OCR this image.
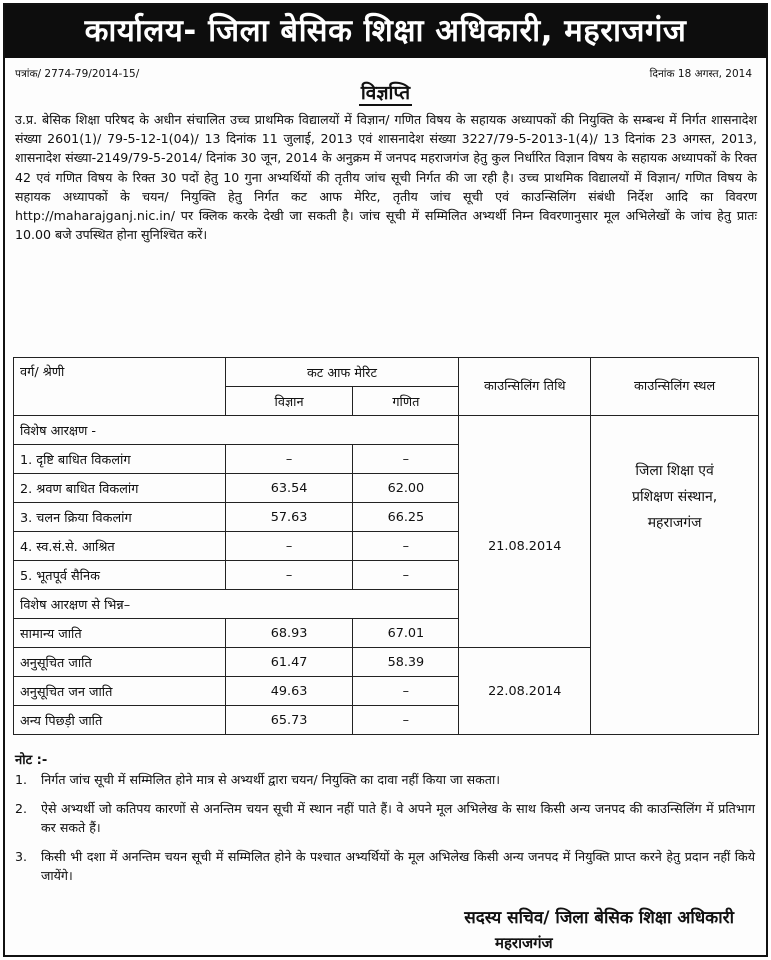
कार्यालय- जिला बेसिक शिक्षा अधिकारी, महराजगंज
पत्रांक/ 2774-79/2014-15/	दिनांक 18 अगस्त, 2014
विज्ञप्ति
उ.प्र. बेसिक शिक्षा परिषद के अधीन संचालित उच्च प्राथमिक विद्यालयों में विज्ञान/ गणित विषय के सहायक अध्यापकों की नियुक्ति के सम्बन्ध में निर्गत शासनादेश संख्या 2601(1)/ 79-5-12-1(04)/ 13 दिनांक 11 जुलाई, 2013 एवं शासनादेश संख्या 3227/79-5-2013-1(4)/ 13 दिनांक 23 अगस्त, 2013, शासनादेश संख्या-2149/79-5-2014/ दिनांक 30 जून, 2014 के अनुक्रम में जनपद महराजगंज हेतु कुल निर्धारित विज्ञान विषय के सहायक अध्यापकों के रिक्त 42 एवं गणित विषय के रिक्त 30 पदों हेतु 10 गुना अभ्यर्थियों की तृतीय जांच सूची निर्गत की जा रही है। उच्च प्राथमिक विद्यालयों में विज्ञान/ गणित विषय के सहायक अध्यापकों के चयन/ नियुक्ति हेतु निर्गत कट आफ मेरिट, तृतीय जांच सूची एवं काउन्सिलिंग संबंधी निर्देश आदि का विवरण http://maharajganj.nic.in/ पर क्लिक करके देखी जा सकती है। जांच सूची में सम्मिलित अभ्यर्थी निम्न विवरणानुसार मूल अभिलेखों के जांच हेतु प्रातः 10.00 बजे उपस्थित होना सुनिश्चित करें।
वर्ग/ श्रेणी	कट आफ मेरिट		काउन्सिलिंग तिथि	काउन्सिलिंग स्थल
	विज्ञान	गणित		
विशेष आरक्षण -			21.08.2014	जिला शिक्षा एवं
प्रशिक्षण संस्थान,
महराजगंज

1. दृष्टि बाधित विकलांग	–	–		
2. श्रवण बाधित विकलांग	63.54	62.00		
3. चलन क्रिया विकलांग	57.63	66.25		
4. स्व.सं.से. आश्रित	–	–		
5. भूतपूर्व सैनिक	–	–		
विशेष आरक्षण से भिन्न–				
सामान्य जाति	68.93	67.01		
अनुसूचित जाति	61.47	58.39	22.08.2014	
अनुसूचित जन जाति	49.63	–		
अन्य पिछड़ी जाति	65.73	–		
नोट :-
1.	निर्गत जांच सूची में सम्मिलित होने मात्र से अभ्यर्थी द्वारा चयन/ नियुक्ति का दावा नहीं किया जा सकता।
2.	ऐसे अभ्यर्थी जो कतिपय कारणों से अनन्तिम चयन सूची में स्थान नहीं पाते हैं। वे अपने मूल अभिलेख के साथ किसी अन्य जनपद की काउन्सिलिंग में प्रतिभाग कर सकते हैं।
3.	किसी भी दशा में अनन्तिम चयन सूची में सम्मिलित होने के पश्चात अभ्यर्थियों के मूल अभिलेख किसी अन्य जनपद में नियुक्ति प्राप्त करने हेतु प्रदान नहीं किये जायेंगे।
सदस्य सचिव/ जिला बेसिक शिक्षा अधिकारी
महराजगंज
